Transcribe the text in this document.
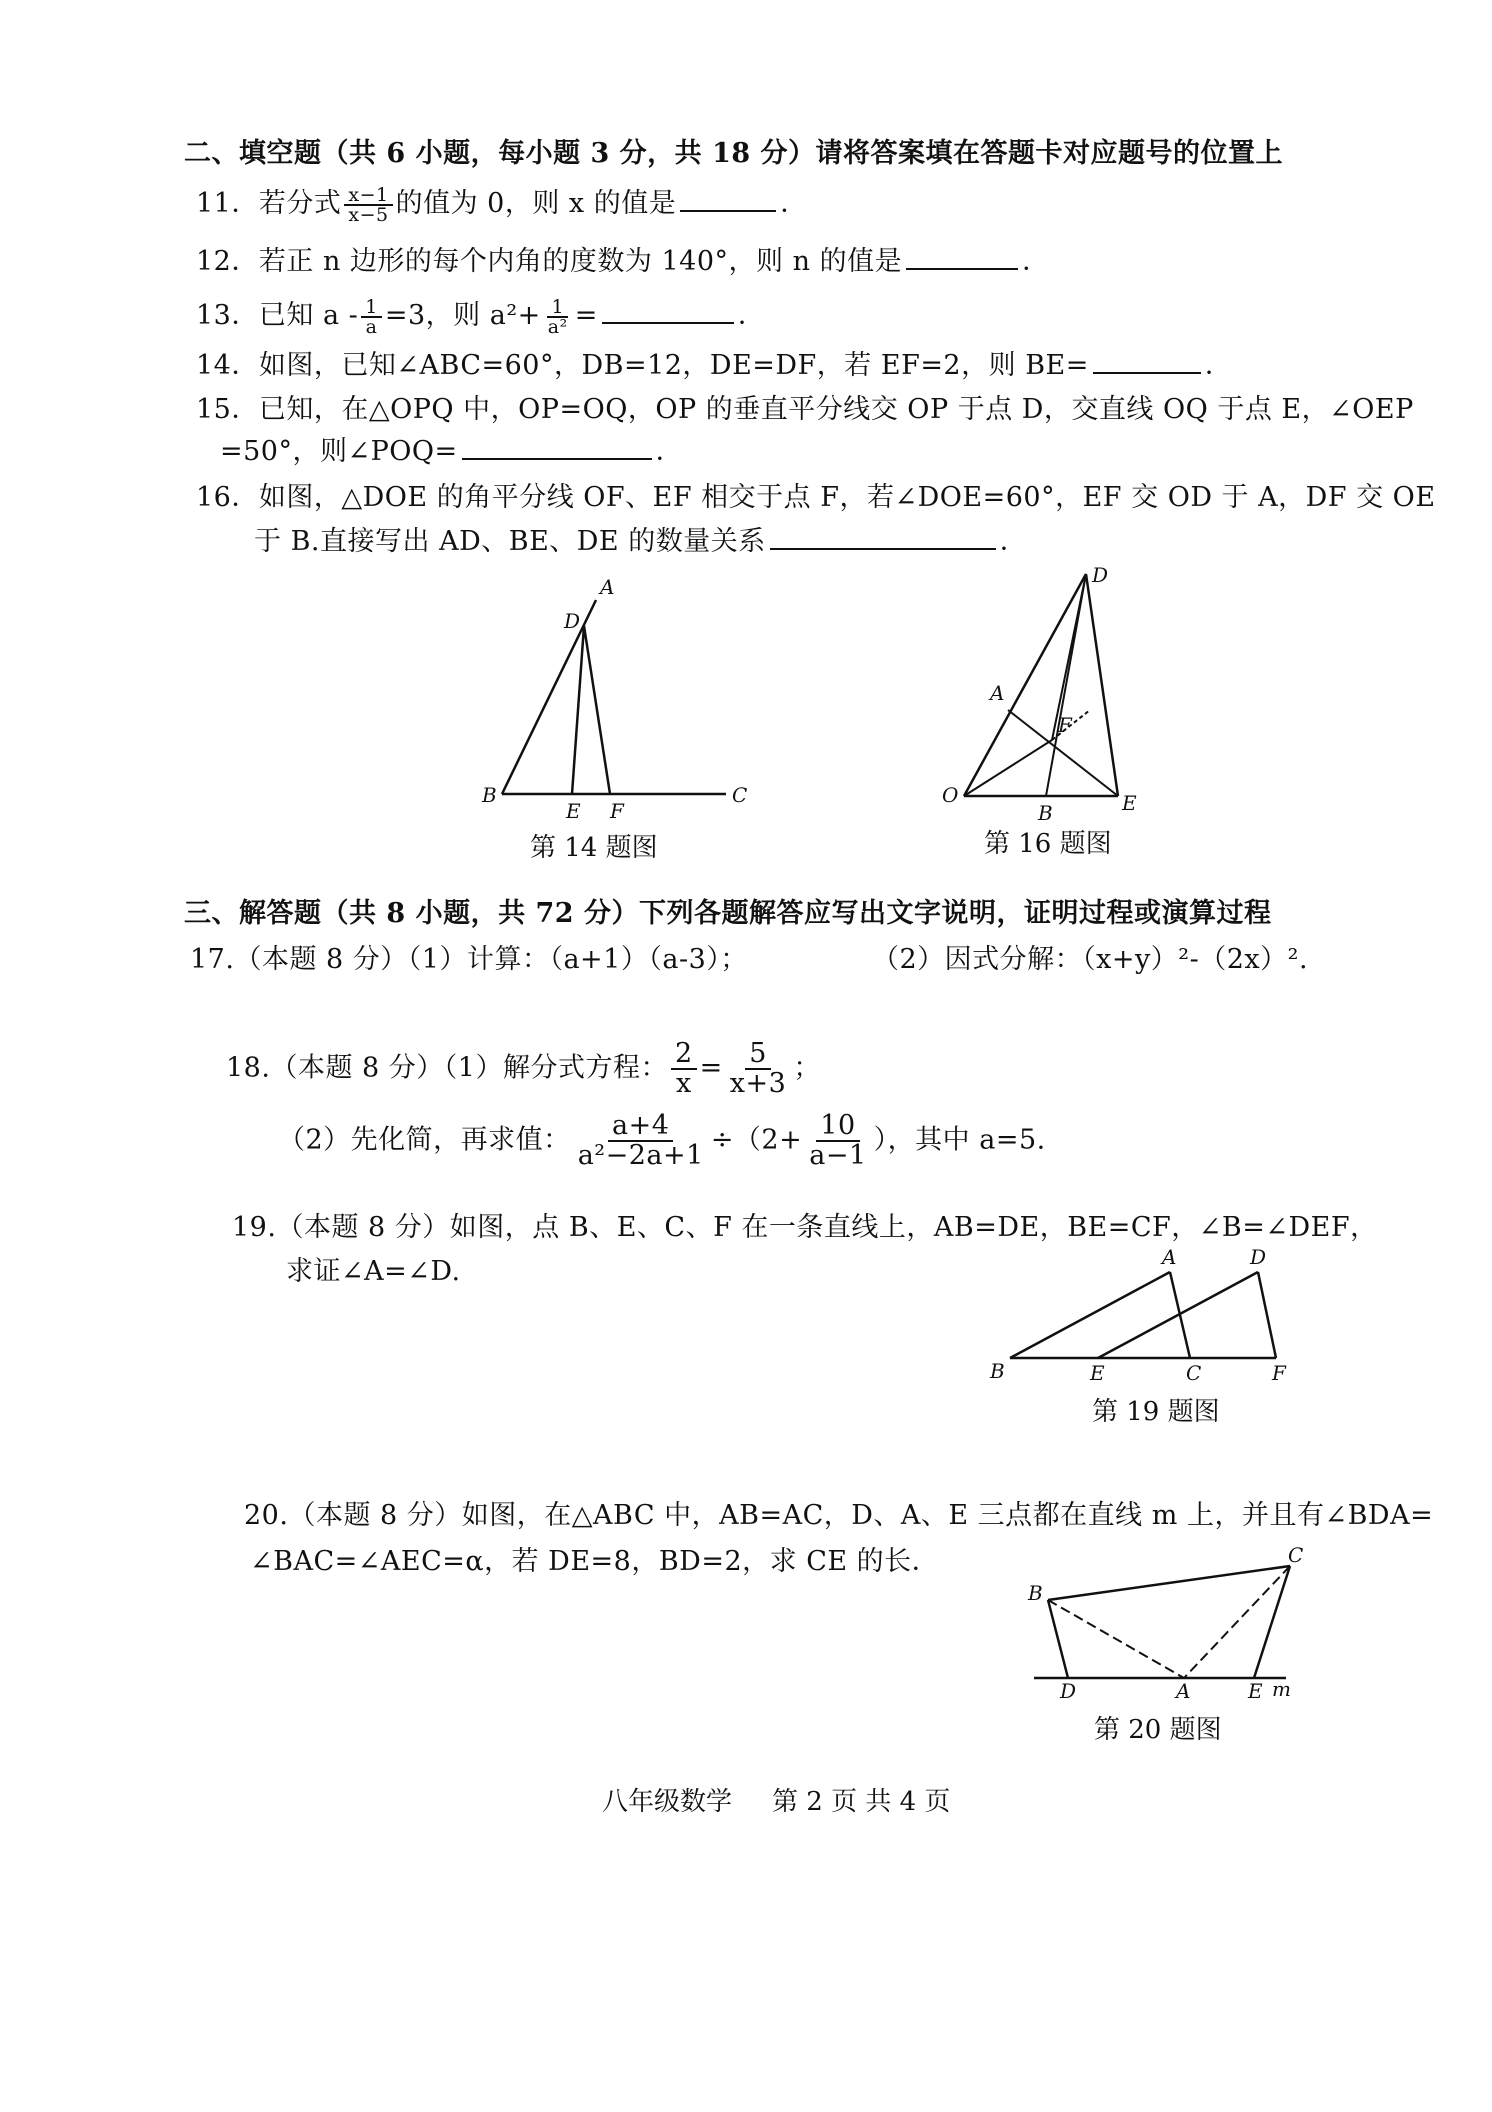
二、填空题（共 6 小题，每小题 3 分，共 18 分）请将答案填在答题卡对应题号的位置上
11．若分式 $\frac{x-1}{x-5}$ 的值为 0，则 x 的值是	．
12．若正 n 边形的每个内角的度数为 140°，则 n 的值是	．
13．已知 $a - \frac{1}{a} =3$，则 $a^2+ \frac{1}{\text{a²}}$ =	．
14．如图，已知∠ABC=60°，DB=12，DE=DF，若 EF=2，则 BE=	．
15．已知，在△OPQ 中，OP=OQ，OP 的垂直平分线交 OP 于点 D，交直线 OQ 于点 E，∠OEP
=50°，则∠POQ=	．
16．如图，△DOE 的角平分线 OF、EF 相交于点 F，若∠DOE=60°，EF 交 OD 于 A，DF 交 OE
于 B.直接写出 AD、BE、DE 的数量关系	．
A
D
B
E F
C
第 14 题图
D
A
F
O
B	E
第 16 题图
三、解答题（共 8 小题，共 72 分）下列各题解答应写出文字说明，证明过程或演算过程
17.（本题 8 分）（1）计算：（a+1）（a-3）；	（2）因式分解：（x+y）²-（2x）².
18.（本题 8 分）（1）解分式方程： $\frac{2}{x} = \frac{5}{x+3}$ ；
（2）先化简，再求值： $\frac{a+4}{\text{a²−2a+1}} \div(2+ \frac{10}{a-1}$ ），其中 a=5.
19.（本题 8 分）如图，点 B、E、C、F 在一条直线上，AB=DE，BE=CF，∠B=∠DEF，
求证∠A=∠D.	A	D
B	E	C	F
第 19 题图
20.（本题 8 分）如图，在△ABC 中，AB=AC，D、A、E 三点都在直线 m 上，并且有∠BDA=
∠BAC=∠AEC=α，若 DE=8，BD=2，求 CE 的长．
B
C
D	A	E m
第 20 题图
八年级数学 第 2 页 共 4 页
